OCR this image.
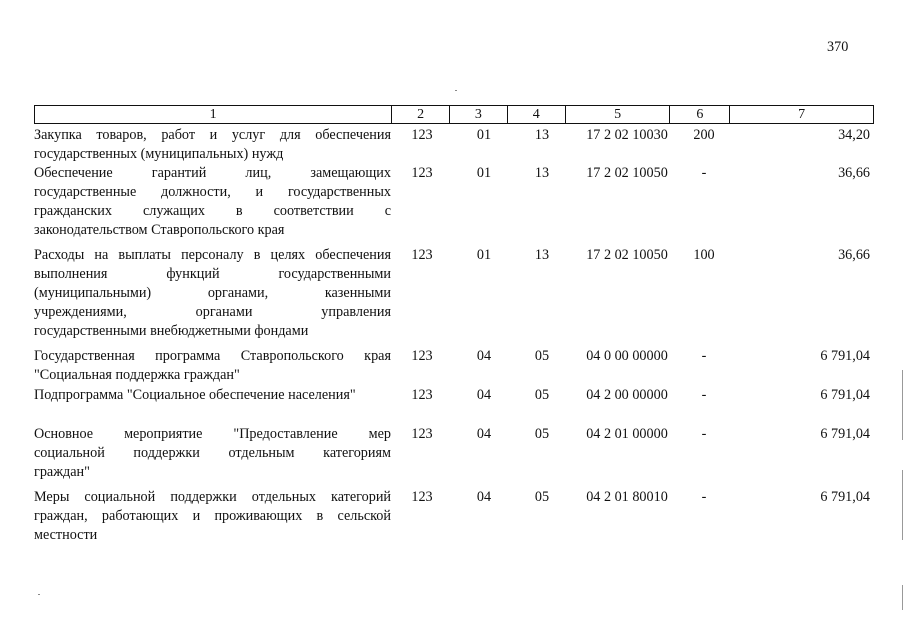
370
1	2	3	4	5	6	7
Закупка товаров, работ и услуг для обеспечения
государственных (муниципальных) нужд
123	01	13	17 2 02 10030	200	34,20
Обеспечение гарантий лиц, замещающих
государственные должности, и государственных
гражданских служащих в соответствии с
законодательством Ставропольского края
123	01	13	17 2 02 10050	-	36,66
Расходы на выплаты персоналу в целях обеспечения
выполнения функций государственными
(муниципальными) органами, казенными
учреждениями, органами управления
государственными внебюджетными фондами
123	01	13	17 2 02 10050	100	36,66
Государственная программа Ставропольского края
"Социальная поддержка граждан"
123	04	05	04 0 00 00000	-	6 791,04
Подпрограмма "Социальное обеспечение населения"	123	04	05	04 2 00 00000	-	6 791,04
Основное мероприятие "Предоставление мер
социальной поддержки отдельным категориям
граждан"
123	04	05	04 2 01 00000	-	6 791,04
Меры социальной поддержки отдельных категорий
граждан, работающих и проживающих в сельской
местности
123	04	05	04 2 01 80010	-	6 791,04
